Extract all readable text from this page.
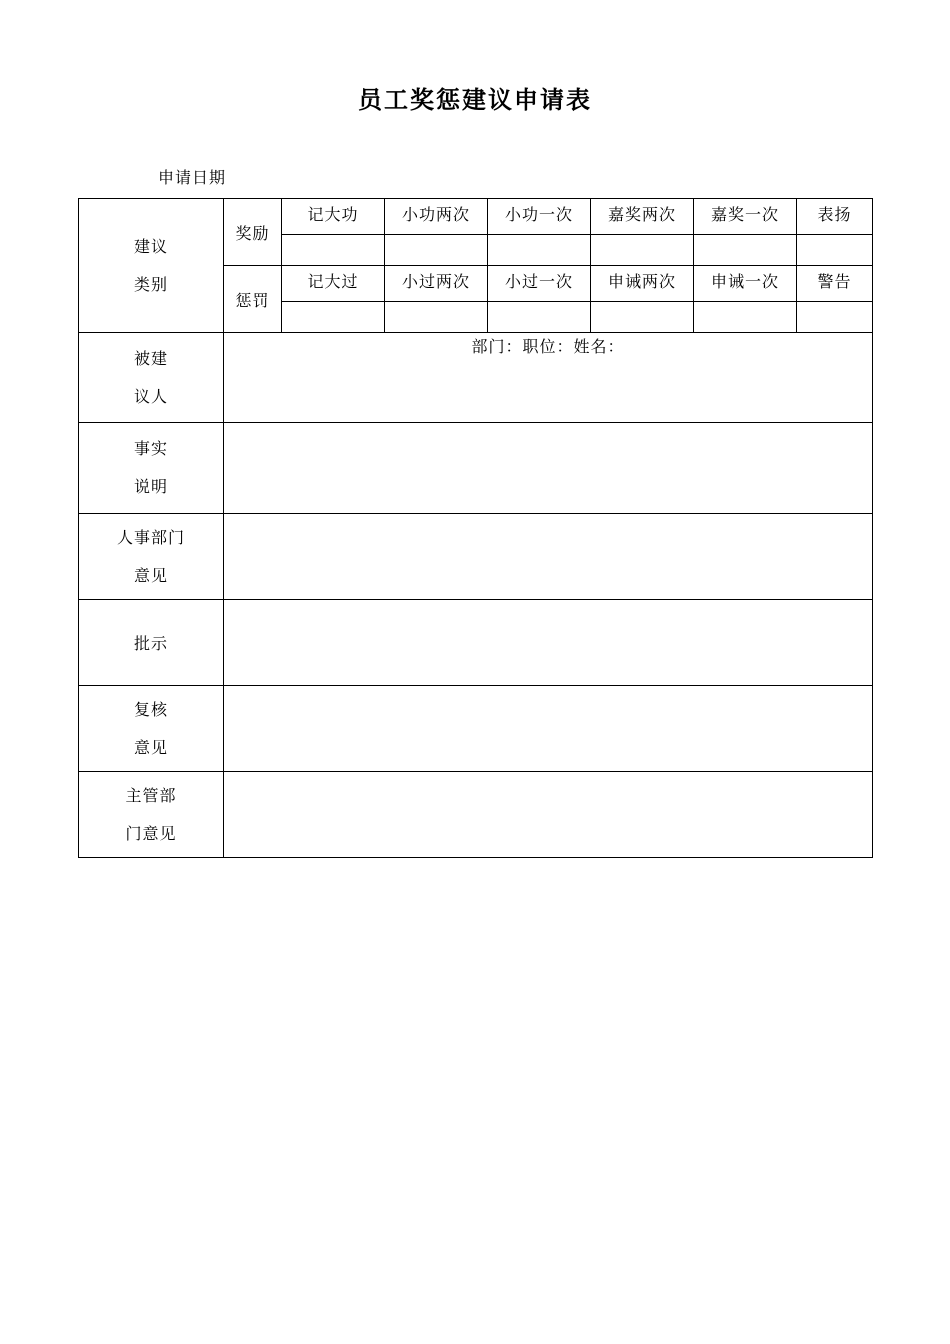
员工奖惩建议申请表
申请日期
建议
类别	奖励	记大功	小功两次	小功一次	嘉奖两次	嘉奖一次	表扬

	惩罚	记大过	小过两次	小过一次	申诫两次	申诫一次	警告

被建
议人	部门：职位：姓名：						

事实
说明							

人事部门
意见							

批示							

复核
意见							

主管部
门意见							
